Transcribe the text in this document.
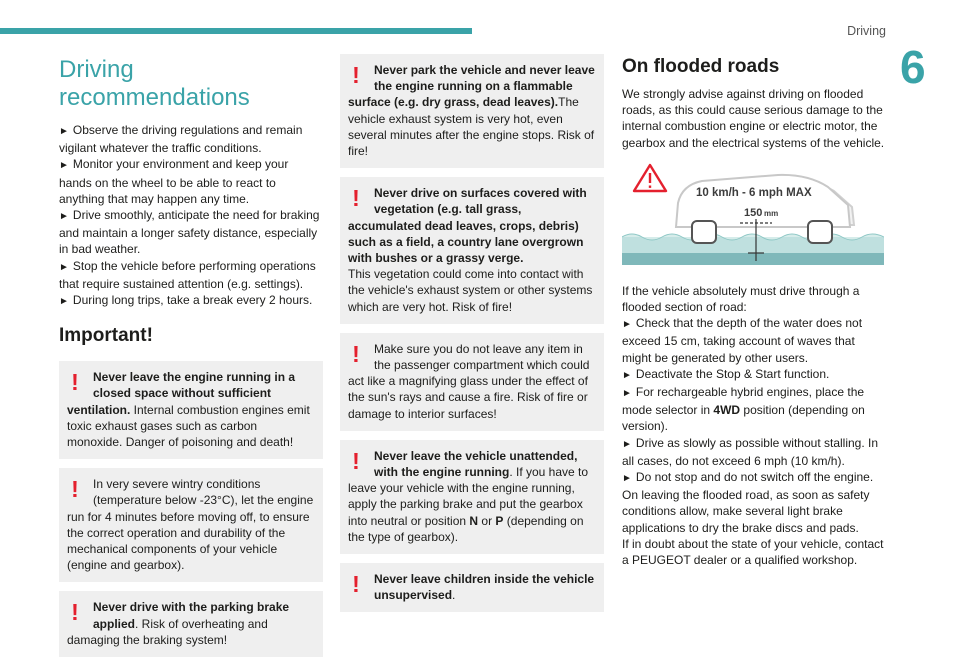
Driving
6
Driving recommendations

► Observe the driving regulations and remain vigilant whatever the traffic conditions.

► Monitor your environment and keep your hands on the wheel to be able to react to anything that may happen any time.

► Drive smoothly, anticipate the need for braking and maintain a longer safety distance, especially in bad weather.

► Stop the vehicle before performing operations that require sustained attention (e.g. settings).

► During long trips, take a break every 2 hours.

Important!
! Never leave the engine running in a closed space without sufficient ventilation. Internal combustion engines emit toxic exhaust gases such as carbon monoxide. Danger of poisoning and death!
! In very severe wintry conditions (temperature below -23°C), let the engine run for 4 minutes before moving off, to ensure the correct operation and durability of the mechanical components of your vehicle (engine and gearbox).
! Never drive with the parking brake applied. Risk of overheating and damaging the braking system!
! Never park the vehicle and never leave the engine running on a flammable surface (e.g. dry grass, dead leaves).The vehicle exhaust system is very hot, even several minutes after the engine stops. Risk of fire!
! Never drive on surfaces covered with vegetation (e.g. tall grass, accumulated dead leaves, crops, debris) such as a field, a country lane overgrown with bushes or a grassy verge.
This vegetation could come into contact with the vehicle's exhaust system or other systems which are very hot. Risk of fire!
! Make sure you do not leave any item in the passenger compartment which could act like a magnifying glass under the effect of the sun's rays and cause a fire. Risk of fire or damage to interior surfaces!
! Never leave the vehicle unattended, with the engine running. If you have to leave your vehicle with the engine running, apply the parking brake and put the gearbox into neutral or position N or P (depending on the type of gearbox).
! Never leave children inside the vehicle unsupervised.
On flooded roads

We strongly advise against driving on flooded roads, as this could cause serious damage to the internal combustion engine or electric motor, the gearbox and the electrical systems of the vehicle.

10 km/h - 6 mph MAX
150 mm

If the vehicle absolutely must drive through a flooded section of road:

► Check that the depth of the water does not exceed 15 cm, taking account of waves that might be generated by other users.

► Deactivate the Stop & Start function.

► For rechargeable hybrid engines, place the mode selector in 4WD position (depending on version).

► Drive as slowly as possible without stalling. In all cases, do not exceed 6 mph (10 km/h).

► Do not stop and do not switch off the engine.

On leaving the flooded road, as soon as safety conditions allow, make several light brake applications to dry the brake discs and pads.

If in doubt about the state of your vehicle, contact a PEUGEOT dealer or a qualified workshop.
